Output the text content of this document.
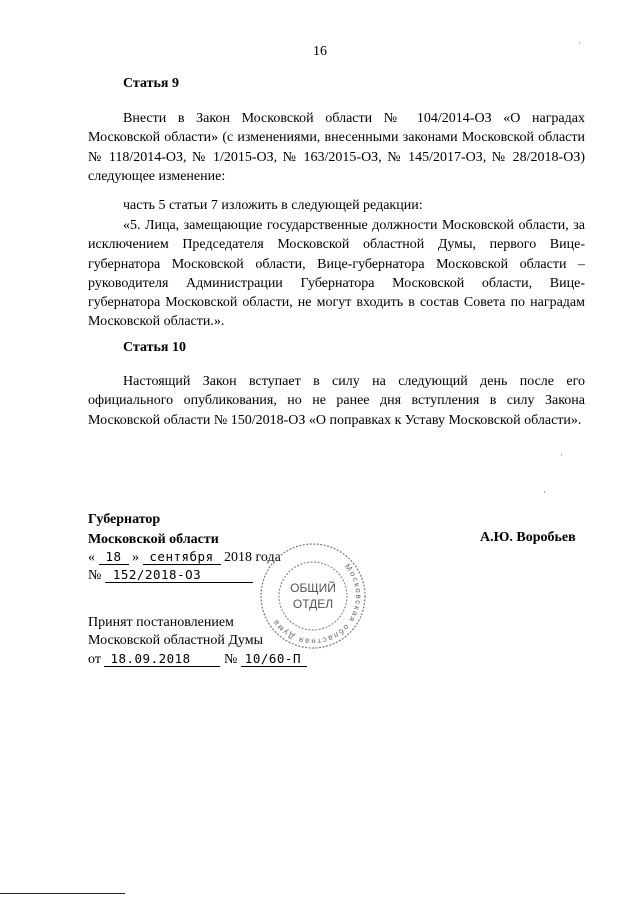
16
Статья 9

Внести в Закон Московской области № 104/2014-ОЗ «О наградах Московской области» (с изменениями, внесенными законами Московской области № 118/2014-ОЗ, № 1/2015-ОЗ, № 163/2015-ОЗ, № 145/2017-ОЗ, № 28/2018-ОЗ) следующее изменение:

часть 5 статьи 7 изложить в следующей редакции:

«5. Лица, замещающие государственные должности Московской области, за исключением Председателя Московской областной Думы, первого Вице-губернатора Московской области, Вице-губернатора Московской области – руководителя Администрации Губернатора Московской области, Вице-губернатора Московской области, не могут входить в состав Совета по наградам Московской области.».

Статья 10

Настоящий Закон вступает в силу на следующий день после его официального опубликования, но не ранее дня вступления в силу Закона Московской области № 150/2018-ОЗ «О поправках к Уставу Московской области».

Губернатор
Московской области	А.Ю. Воробьев
« 18 » сентября 2018 года
№ 152/2018-ОЗ
Принят постановлением
Московской областной Думы
от 18.09.2018 № 10/60-П
Московская областная Дума
ОБЩИЙ
ОТДЕЛ
·
·
·
